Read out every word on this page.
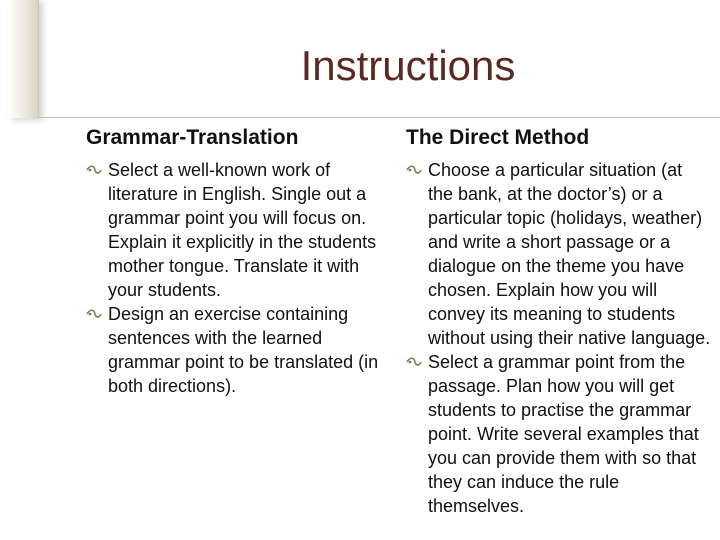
Instructions
Grammar-Translation	The Direct Method

Select a well-known work of literature in English. Single out a grammar point you will focus on. Explain it explicitly in the students mother tongue. Translate it with your students.

Design an exercise containing sentences with the learned grammar point to be translated (in both directions).

Choose a particular situation (at the bank, at the doctor’s) or a particular topic (holidays, weather) and write a short passage or a dialogue on the theme you have chosen. Explain how you will convey its meaning to students without using their native language.

Select a grammar point from the passage. Plan how you will get students to practise the grammar point. Write several examples that you can provide them with so that they can induce the rule themselves.
